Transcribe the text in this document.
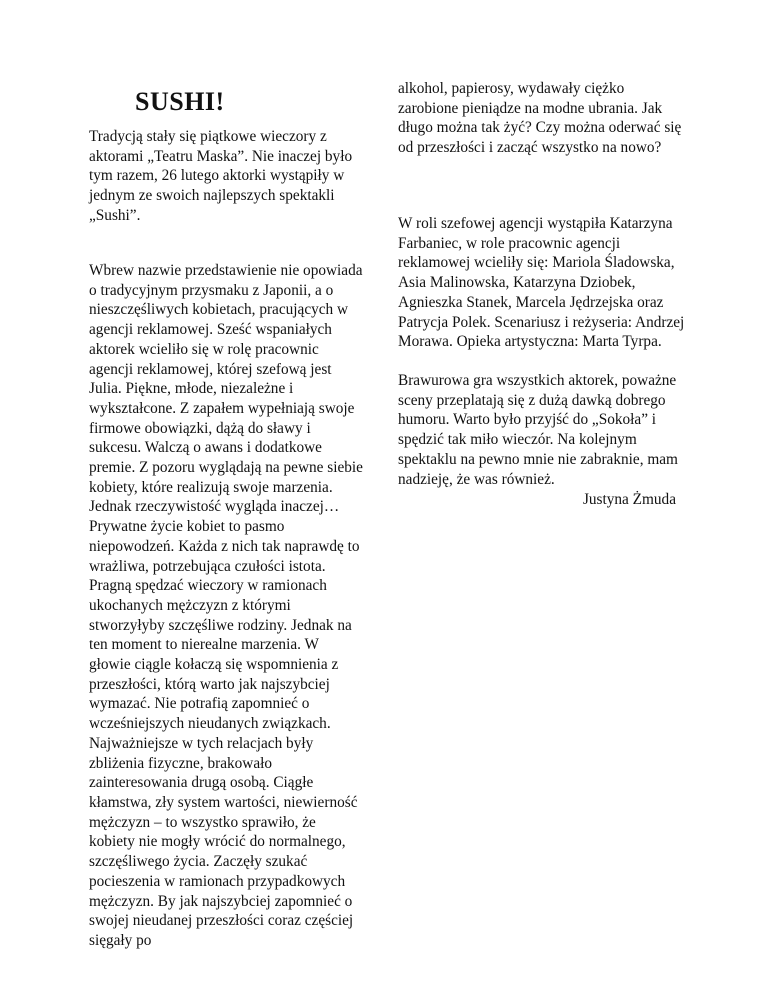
SUSHI!

Tradycją stały się piątkowe wieczory z aktorami „Teatru Maska”. Nie inaczej było tym razem, 26 lutego aktorki wystąpiły w jednym ze swoich najlepszych spektakli „Sushi”.

Wbrew nazwie przedstawienie nie opowiada o tradycyjnym przysmaku z Japonii, a o nieszczęśliwych kobietach, pracujących w agencji reklamowej. Sześć wspaniałych aktorek wcieliło się w rolę pracownic agencji reklamowej, której szefową jest Julia. Piękne, młode, niezależne i wykształcone. Z zapałem wypełniają swoje firmowe obowiązki, dążą do sławy i sukcesu. Walczą o awans i dodatkowe premie. Z pozoru wyglądają na pewne siebie kobiety, które realizują swoje marzenia. Jednak rzeczywistość wygląda inaczej…
Prywatne życie kobiet to pasmo niepowodzeń. Każda z nich tak naprawdę to wrażliwa, potrzebująca czułości istota. Pragną spędzać wieczory w ramionach ukochanych mężczyzn z którymi stworzyłyby szczęśliwe rodziny. Jednak na ten moment to nierealne marzenia. W głowie ciągle kołaczą się wspomnienia z przeszłości, którą warto jak najszybciej wymazać. Nie potrafią zapomnieć o wcześniejszych nieudanych związkach. Najważniejsze w tych relacjach były zbliżenia fizyczne, brakowało zainteresowania drugą osobą. Ciągłe kłamstwa, zły system wartości, niewierność mężczyzn – to wszystko sprawiło, że kobiety nie mogły wrócić do normalnego, szczęśliwego życia. Zaczęły szukać pocieszenia w ramionach przypadkowych mężczyzn. By jak najszybciej zapomnieć o swojej nieudanej przeszłości coraz częściej sięgały po

alkohol, papierosy, wydawały ciężko zarobione pieniądze na modne ubrania. Jak długo można tak żyć? Czy można oderwać się od przeszłości i zacząć wszystko na nowo?

W roli szefowej agencji wystąpiła Katarzyna Farbaniec, w role pracownic agencji reklamowej wcieliły się: Mariola Śladowska, Asia Malinowska, Katarzyna Dziobek, Agnieszka Stanek, Marcela Jędrzejska oraz Patrycja Polek. Scenariusz i reżyseria: Andrzej Morawa. Opieka artystyczna: Marta Tyrpa.

Brawurowa gra wszystkich aktorek, poważne sceny przeplatają się z dużą dawką dobrego humoru. Warto było przyjść do „Sokoła” i spędzić tak miło wieczór. Na kolejnym spektaklu na pewno mnie nie zabraknie, mam nadzieję, że was również.

Justyna Żmuda
